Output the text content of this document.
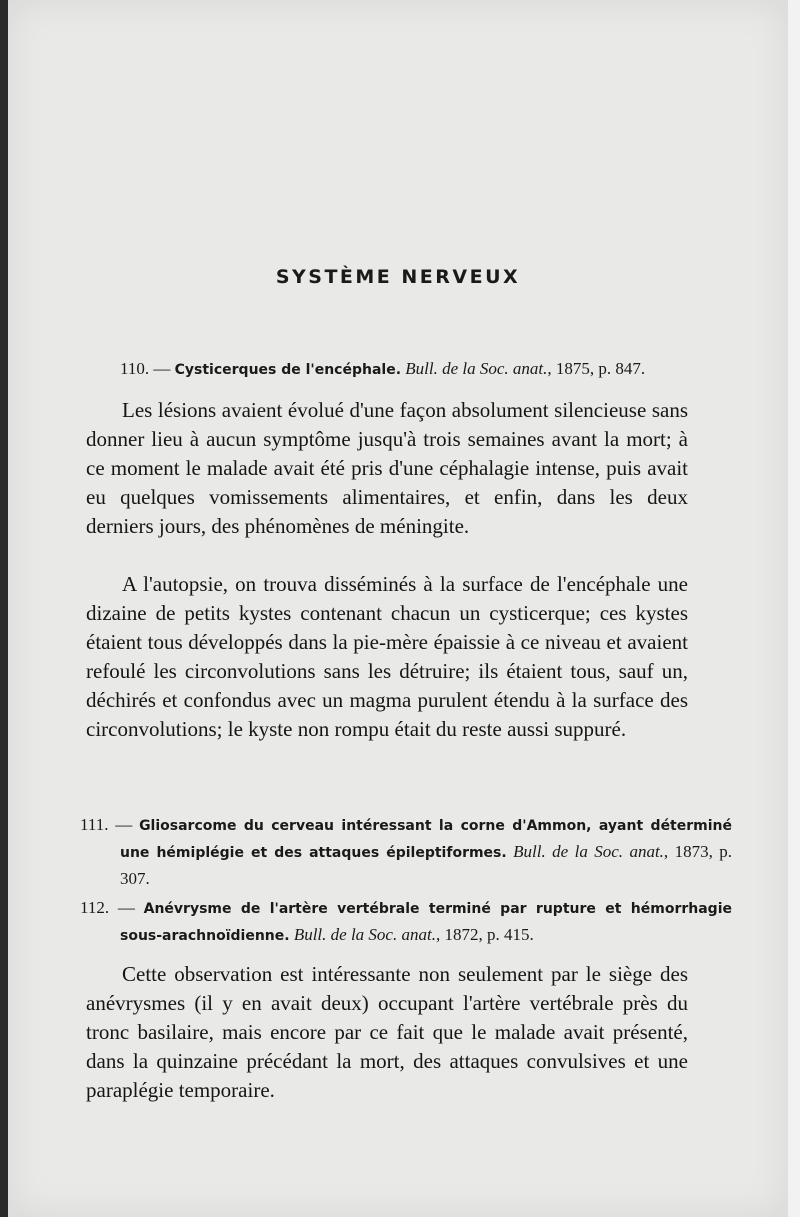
SYSTÈME NERVEUX
110. — Cysticerques de l'encéphale. Bull. de la Soc. anat., 1875, p. 847.

Les lésions avaient évolué d'une façon absolument silencieuse sans donner lieu à aucun symptôme jusqu'à trois semaines avant la mort; à ce moment le malade avait été pris d'une céphalagie intense, puis avait eu quelques vomissements alimentaires, et enfin, dans les deux derniers jours, des phénomènes de méningite.

A l'autopsie, on trouva disséminés à la surface de l'encéphale une dizaine de petits kystes contenant chacun un cysticerque; ces kystes étaient tous développés dans la pie-mère épaissie à ce niveau et avaient refoulé les circonvolutions sans les détruire; ils étaient tous, sauf un, déchirés et confondus avec un magma purulent étendu à la surface des circonvolutions; le kyste non rompu était du reste aussi suppuré.

111. — Gliosarcome du cerveau intéressant la corne d'Ammon, ayant déterminé une hémiplégie et des attaques épileptiformes. Bull. de la Soc. anat., 1873, p. 307.
112. — Anévrysme de l'artère vertébrale terminé par rupture et hémorrhagie sous-arachnoïdienne. Bull. de la Soc. anat., 1872, p. 415.

Cette observation est intéressante non seulement par le siège des anévrysmes (il y en avait deux) occupant l'artère vertébrale près du tronc basilaire, mais encore par ce fait que le malade avait présenté, dans la quinzaine précédant la mort, des attaques convulsives et une paraplégie temporaire.
